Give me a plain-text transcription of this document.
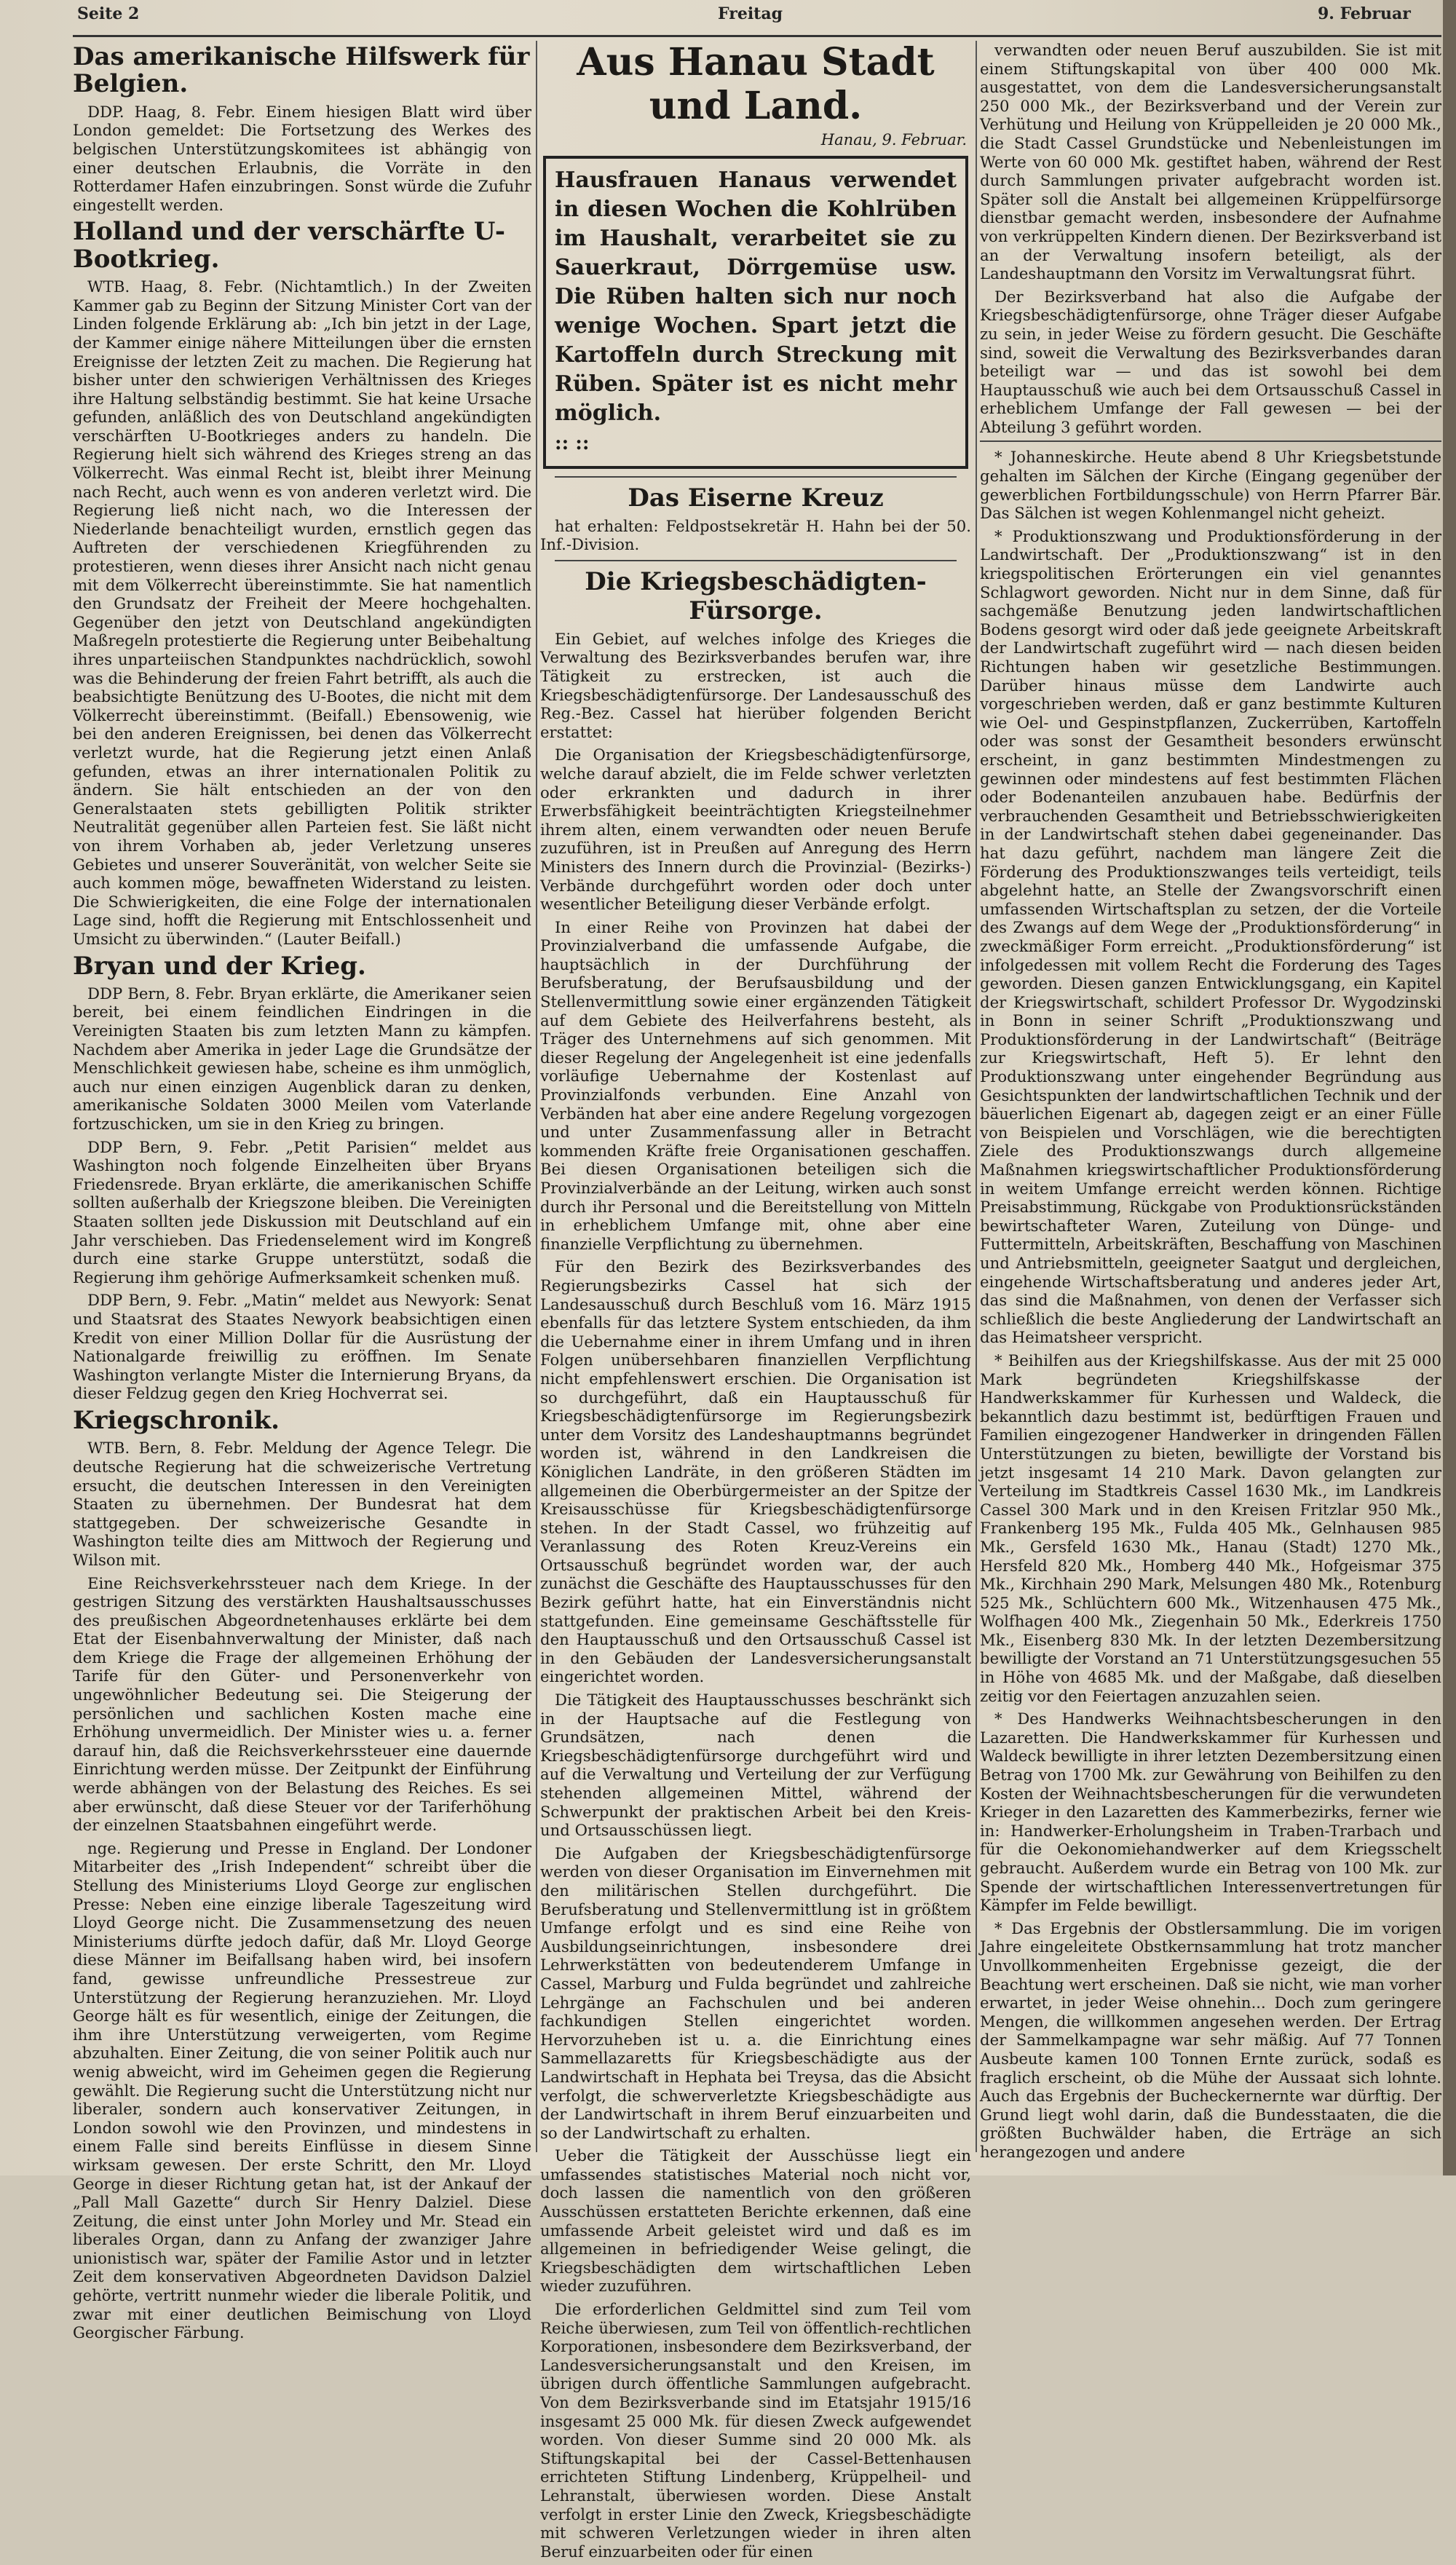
Seite 2	Freitag	9. Februar
Das amerikanische Hilfswerk für Belgien.

DDP. Haag, 8. Febr. Einem hiesigen Blatt wird über London gemeldet: Die Fortsetzung des Werkes des belgischen Unterstützungskomitees ist abhängig von einer deutschen Erlaubnis, die Vorräte in den Rotterdamer Hafen einzubringen. Sonst würde die Zufuhr eingestellt werden.

Holland und der verschärfte U-Bootkrieg.

WTB. Haag, 8. Febr. (Nichtamtlich.) In der Zweiten Kammer gab zu Beginn der Sitzung Minister Cort van der Linden folgende Erklärung ab: „Ich bin jetzt in der Lage, der Kammer einige nähere Mitteilungen über die ernsten Ereignisse der letzten Zeit zu machen. Die Regierung hat bisher unter den schwierigen Verhältnissen des Krieges ihre Haltung selbständig bestimmt. Sie hat keine Ursache gefunden, anläßlich des von Deutschland angekündigten verschärften U-Bootkrieges anders zu handeln. Die Regierung hielt sich während des Krieges streng an das Völkerrecht. Was einmal Recht ist, bleibt ihrer Meinung nach Recht, auch wenn es von anderen verletzt wird. Die Regierung ließ nicht nach, wo die Interessen der Niederlande benachteiligt wurden, ernstlich gegen das Auftreten der verschiedenen Kriegführenden zu protestieren, wenn dieses ihrer Ansicht nach nicht genau mit dem Völkerrecht übereinstimmte. Sie hat namentlich den Grundsatz der Freiheit der Meere hochgehalten. Gegenüber den jetzt von Deutschland angekündigten Maßregeln protestierte die Regierung unter Beibehaltung ihres unparteiischen Standpunktes nachdrücklich, sowohl was die Behinderung der freien Fahrt betrifft, als auch die beabsichtigte Benützung des U-Bootes, die nicht mit dem Völkerrecht übereinstimmt. (Beifall.) Ebensowenig, wie bei den anderen Ereignissen, bei denen das Völkerrecht verletzt wurde, hat die Regierung jetzt einen Anlaß gefunden, etwas an ihrer internationalen Politik zu ändern. Sie hält entschieden an der von den Generalstaaten stets gebilligten Politik strikter Neutralität gegenüber allen Parteien fest. Sie läßt nicht von ihrem Vorhaben ab, jeder Verletzung unseres Gebietes und unserer Souveränität, von welcher Seite sie auch kommen möge, bewaffneten Widerstand zu leisten. Die Schwierigkeiten, die eine Folge der internationalen Lage sind, hofft die Regierung mit Entschlossenheit und Umsicht zu überwinden.“ (Lauter Beifall.)

Bryan und der Krieg.

DDP Bern, 8. Febr. Bryan erklärte, die Amerikaner seien bereit, bei einem feindlichen Eindringen in die Vereinigten Staaten bis zum letzten Mann zu kämpfen. Nachdem aber Amerika in jeder Lage die Grundsätze der Menschlichkeit gewiesen habe, scheine es ihm unmöglich, auch nur einen einzigen Augenblick daran zu denken, amerikanische Soldaten 3000 Meilen vom Vaterlande fortzuschicken, um sie in den Krieg zu bringen.

DDP Bern, 9. Febr. „Petit Parisien“ meldet aus Washington noch folgende Einzelheiten über Bryans Friedensrede. Bryan erklärte, die amerikanischen Schiffe sollten außerhalb der Kriegszone bleiben. Die Vereinigten Staaten sollten jede Diskussion mit Deutschland auf ein Jahr verschieben. Das Friedenselement wird im Kongreß durch eine starke Gruppe unterstützt, sodaß die Regierung ihm gehörige Aufmerksamkeit schenken muß.

DDP Bern, 9. Febr. „Matin“ meldet aus Newyork: Senat und Staatsrat des Staates Newyork beabsichtigen einen Kredit von einer Million Dollar für die Ausrüstung der Nationalgarde freiwillig zu eröffnen. Im Senate Washington verlangte Mister die Internierung Bryans, da dieser Feldzug gegen den Krieg Hochverrat sei.

Kriegschronik.

WTB. Bern, 8. Febr. Meldung der Agence Telegr. Die deutsche Regierung hat die schweizerische Vertretung ersucht, die deutschen Interessen in den Vereinigten Staaten zu übernehmen. Der Bundesrat hat dem stattgegeben. Der schweizerische Gesandte in Washington teilte dies am Mittwoch der Regierung und Wilson mit.

Eine Reichsverkehrssteuer nach dem Kriege. In der gestrigen Sitzung des verstärkten Haushaltsausschusses des preußischen Abgeordnetenhauses erklärte bei dem Etat der Eisenbahnverwaltung der Minister, daß nach dem Kriege die Frage der allgemeinen Erhöhung der Tarife für den Güter- und Personenverkehr von ungewöhnlicher Bedeutung sei. Die Steigerung der persönlichen und sachlichen Kosten mache eine Erhöhung unvermeidlich. Der Minister wies u. a. ferner darauf hin, daß die Reichsverkehrssteuer eine dauernde Einrichtung werden müsse. Der Zeitpunkt der Einführung werde abhängen von der Belastung des Reiches. Es sei aber erwünscht, daß diese Steuer vor der Tariferhöhung der einzelnen Staatsbahnen eingeführt werde.

nge. Regierung und Presse in England. Der Londoner Mitarbeiter des „Irish Independent“ schreibt über die Stellung des Ministeriums Lloyd George zur englischen Presse: Neben eine einzige liberale Tageszeitung wird Lloyd George nicht. Die Zusammensetzung des neuen Ministeriums dürfte jedoch dafür, daß Mr. Lloyd George diese Männer im Beifallsang haben wird, bei insofern fand, gewisse unfreundliche Pressestreue zur Unterstützung der Regierung heranzuziehen. Mr. Lloyd George hält es für wesentlich, einige der Zeitungen, die ihm ihre Unterstützung verweigerten, vom Regime abzuhalten. Einer Zeitung, die von seiner Politik auch nur wenig abweicht, wird im Geheimen gegen die Regierung gewählt. Die Regierung sucht die Unterstützung nicht nur liberaler, sondern auch konservativer Zeitungen, in London sowohl wie den Provinzen, und mindestens in einem Falle sind bereits Einflüsse in diesem Sinne wirksam gewesen. Der erste Schritt, den Mr. Lloyd George in dieser Richtung getan hat, ist der Ankauf der „Pall Mall Gazette“ durch Sir Henry Dalziel. Diese Zeitung, die einst unter John Morley und Mr. Stead ein liberales Organ, dann zu Anfang der zwanziger Jahre unionistisch war, später der Familie Astor und in letzter Zeit dem konservativen Abgeordneten Davidson Dalziel gehörte, vertritt nunmehr wieder die liberale Politik, und zwar mit einer deutlichen Beimischung von Lloyd Georgischer Färbung.

Aus Hanau Stadt und Land.
Hanau, 9. Februar.

Hausfrauen Hanaus verwendet in diesen Wochen die Kohlrüben im Haushalt, verarbeitet sie zu Sauerkraut, Dörrgemüse usw. Die Rüben halten sich nur noch wenige Wochen. Spart jetzt die Kartoffeln durch Streckung mit Rüben. Später ist es nicht mehr möglich.

:: ::

Das Eiserne Kreuz

hat erhalten: Feldpostsekretär H. Hahn bei der 50. Inf.-Division.

Die Kriegsbeschädigten-Fürsorge.

Ein Gebiet, auf welches infolge des Krieges die Verwaltung des Bezirksverbandes berufen war, ihre Tätigkeit zu erstrecken, ist auch die Kriegsbeschädigtenfürsorge. Der Landesausschuß des Reg.-Bez. Cassel hat hierüber folgenden Bericht erstattet:

Die Organisation der Kriegsbeschädigtenfürsorge, welche darauf abzielt, die im Felde schwer verletzten oder erkrankten und dadurch in ihrer Erwerbsfähigkeit beeinträchtigten Kriegsteilnehmer ihrem alten, einem verwandten oder neuen Berufe zuzuführen, ist in Preußen auf Anregung des Herrn Ministers des Innern durch die Provinzial- (Bezirks-) Verbände durchgeführt worden oder doch unter wesentlicher Beteiligung dieser Verbände erfolgt.

In einer Reihe von Provinzen hat dabei der Provinzialverband die umfassende Aufgabe, die hauptsächlich in der Durchführung der Berufsberatung, der Berufsausbildung und der Stellenvermittlung sowie einer ergänzenden Tätigkeit auf dem Gebiete des Heilverfahrens besteht, als Träger des Unternehmens auf sich genommen. Mit dieser Regelung der Angelegenheit ist eine jedenfalls vorläufige Uebernahme der Kostenlast auf Provinzialfonds verbunden. Eine Anzahl von Verbänden hat aber eine andere Regelung vorgezogen und unter Zusammenfassung aller in Betracht kommenden Kräfte freie Organisationen geschaffen. Bei diesen Organisationen beteiligen sich die Provinzialverbände an der Leitung, wirken auch sonst durch ihr Personal und die Bereitstellung von Mitteln in erheblichem Umfange mit, ohne aber eine finanzielle Verpflichtung zu übernehmen.

Für den Bezirk des Bezirksverbandes des Regierungsbezirks Cassel hat sich der Landesausschuß durch Beschluß vom 16. März 1915 ebenfalls für das letztere System entschieden, da ihm die Uebernahme einer in ihrem Umfang und in ihren Folgen unübersehbaren finanziellen Verpflichtung nicht empfehlenswert erschien. Die Organisation ist so durchgeführt, daß ein Hauptausschuß für Kriegsbeschädigtenfürsorge im Regierungsbezirk unter dem Vorsitz des Landeshauptmanns begründet worden ist, während in den Landkreisen die Königlichen Landräte, in den größeren Städten im allgemeinen die Oberbürgermeister an der Spitze der Kreisausschüsse für Kriegsbeschädigtenfürsorge stehen. In der Stadt Cassel, wo frühzeitig auf Veranlassung des Roten Kreuz-Vereins ein Ortsausschuß begründet worden war, der auch zunächst die Geschäfte des Hauptausschusses für den Bezirk geführt hatte, hat ein Einverständnis nicht stattgefunden. Eine gemeinsame Geschäftsstelle für den Hauptausschuß und den Ortsausschuß Cassel ist in den Gebäuden der Landesversicherungsanstalt eingerichtet worden.

Die Tätigkeit des Hauptausschusses beschränkt sich in der Hauptsache auf die Festlegung von Grundsätzen, nach denen die Kriegsbeschädigtenfürsorge durchgeführt wird und auf die Verwaltung und Verteilung der zur Verfügung stehenden allgemeinen Mittel, während der Schwerpunkt der praktischen Arbeit bei den Kreis- und Ortsausschüssen liegt.

Die Aufgaben der Kriegsbeschädigtenfürsorge werden von dieser Organisation im Einvernehmen mit den militärischen Stellen durchgeführt. Die Berufsberatung und Stellenvermittlung ist in größtem Umfange erfolgt und es sind eine Reihe von Ausbildungseinrichtungen, insbesondere drei Lehrwerkstätten von bedeutenderem Umfange in Cassel, Marburg und Fulda begründet und zahlreiche Lehrgänge an Fachschulen und bei anderen fachkundigen Stellen eingerichtet worden. Hervorzuheben ist u. a. die Einrichtung eines Sammellazaretts für Kriegsbeschädigte aus der Landwirtschaft in Hephata bei Treysa, das die Absicht verfolgt, die schwerverletzte Kriegsbeschädigte aus der Landwirtschaft in ihrem Beruf einzuarbeiten und so der Landwirtschaft zu erhalten.

Ueber die Tätigkeit der Ausschüsse liegt ein umfassendes statistisches Material noch nicht vor, doch lassen die namentlich von den größeren Ausschüssen erstatteten Berichte erkennen, daß eine umfassende Arbeit geleistet wird und daß es im allgemeinen in befriedigender Weise gelingt, die Kriegsbeschädigten dem wirtschaftlichen Leben wieder zuzuführen.

Die erforderlichen Geldmittel sind zum Teil vom Reiche überwiesen, zum Teil von öffentlich-rechtlichen Korporationen, insbesondere dem Bezirksverband, der Landesversicherungsanstalt und den Kreisen, im übrigen durch öffentliche Sammlungen aufgebracht. Von dem Bezirksverbande sind im Etatsjahr 1915/16 insgesamt 25 000 Mk. für diesen Zweck aufgewendet worden. Von dieser Summe sind 20 000 Mk. als Stiftungskapital bei der Cassel-Bettenhausen errichteten Stiftung Lindenberg, Krüppelheil- und Lehranstalt, überwiesen worden. Diese Anstalt verfolgt in erster Linie den Zweck, Kriegsbeschädigte mit schweren Verletzungen wieder in ihren alten Beruf einzuarbeiten oder für einen

verwandten oder neuen Beruf auszubilden. Sie ist mit einem Stiftungskapital von über 400 000 Mk. ausgestattet, von dem die Landesversicherungsanstalt 250 000 Mk., der Bezirksverband und der Verein zur Verhütung und Heilung von Krüppelleiden je 20 000 Mk., die Stadt Cassel Grundstücke und Nebenleistungen im Werte von 60 000 Mk. gestiftet haben, während der Rest durch Sammlungen privater aufgebracht worden ist. Später soll die Anstalt bei allgemeinen Krüppelfürsorge dienstbar gemacht werden, insbesondere der Aufnahme von verkrüppelten Kindern dienen. Der Bezirksverband ist an der Verwaltung insofern beteiligt, als der Landeshauptmann den Vorsitz im Verwaltungsrat führt.

Der Bezirksverband hat also die Aufgabe der Kriegsbeschädigtenfürsorge, ohne Träger dieser Aufgabe zu sein, in jeder Weise zu fördern gesucht. Die Geschäfte sind, soweit die Verwaltung des Bezirksverbandes daran beteiligt war — und das ist sowohl bei dem Hauptausschuß wie auch bei dem Ortsausschuß Cassel in erheblichem Umfange der Fall gewesen — bei der Abteilung 3 geführt worden.

* Johanneskirche. Heute abend 8 Uhr Kriegsbetstunde gehalten im Sälchen der Kirche (Eingang gegenüber der gewerblichen Fortbildungsschule) von Herrn Pfarrer Bär. Das Sälchen ist wegen Kohlenmangel nicht geheizt.

* Produktionszwang und Produktionsförderung in der Landwirtschaft. Der „Produktionszwang“ ist in den kriegspolitischen Erörterungen ein viel genanntes Schlagwort geworden. Nicht nur in dem Sinne, daß für sachgemäße Benutzung jeden landwirtschaftlichen Bodens gesorgt wird oder daß jede geeignete Arbeitskraft der Landwirtschaft zugeführt wird — nach diesen beiden Richtungen haben wir gesetzliche Bestimmungen. Darüber hinaus müsse dem Landwirte auch vorgeschrieben werden, daß er ganz bestimmte Kulturen wie Oel- und Gespinstpflanzen, Zuckerrüben, Kartoffeln oder was sonst der Gesamtheit besonders erwünscht erscheint, in ganz bestimmten Mindestmengen zu gewinnen oder mindestens auf fest bestimmten Flächen oder Bodenanteilen anzubauen habe. Bedürfnis der verbrauchenden Gesamtheit und Betriebsschwierigkeiten in der Landwirtschaft stehen dabei gegeneinander. Das hat dazu geführt, nachdem man längere Zeit die Förderung des Produktionszwanges teils verteidigt, teils abgelehnt hatte, an Stelle der Zwangsvorschrift einen umfassenden Wirtschaftsplan zu setzen, der die Vorteile des Zwangs auf dem Wege der „Produktionsförderung“ in zweckmäßiger Form erreicht. „Produktionsförderung“ ist infolgedessen mit vollem Recht die Forderung des Tages geworden. Diesen ganzen Entwicklungsgang, ein Kapitel der Kriegswirtschaft, schildert Professor Dr. Wygodzinski in Bonn in seiner Schrift „Produktionszwang und Produktionsförderung in der Landwirtschaft“ (Beiträge zur Kriegswirtschaft, Heft 5). Er lehnt den Produktionszwang unter eingehender Begründung aus Gesichtspunkten der landwirtschaftlichen Technik und der bäuerlichen Eigenart ab, dagegen zeigt er an einer Fülle von Beispielen und Vorschlägen, wie die berechtigten Ziele des Produktionszwangs durch allgemeine Maßnahmen kriegswirtschaftlicher Produktionsförderung in weitem Umfange erreicht werden können. Richtige Preisabstimmung, Rückgabe von Produktionsrückständen bewirtschafteter Waren, Zuteilung von Dünge- und Futtermitteln, Arbeitskräften, Beschaffung von Maschinen und Antriebsmitteln, geeigneter Saatgut und dergleichen, eingehende Wirtschaftsberatung und anderes jeder Art, das sind die Maßnahmen, von denen der Verfasser sich schließlich die beste Angliederung der Landwirtschaft an das Heimatsheer verspricht.

* Beihilfen aus der Kriegshilfskasse. Aus der mit 25 000 Mark begründeten Kriegshilfskasse der Handwerkskammer für Kurhessen und Waldeck, die bekanntlich dazu bestimmt ist, bedürftigen Frauen und Familien eingezogener Handwerker in dringenden Fällen Unterstützungen zu bieten, bewilligte der Vorstand bis jetzt insgesamt 14 210 Mark. Davon gelangten zur Verteilung im Stadtkreis Cassel 1630 Mk., im Landkreis Cassel 300 Mark und in den Kreisen Fritzlar 950 Mk., Frankenberg 195 Mk., Fulda 405 Mk., Gelnhausen 985 Mk., Gersfeld 1630 Mk., Hanau (Stadt) 1270 Mk., Hersfeld 820 Mk., Homberg 440 Mk., Hofgeismar 375 Mk., Kirchhain 290 Mark, Melsungen 480 Mk., Rotenburg 525 Mk., Schlüchtern 600 Mk., Witzenhausen 475 Mk., Wolfhagen 400 Mk., Ziegenhain 50 Mk., Ederkreis 1750 Mk., Eisenberg 830 Mk. In der letzten Dezembersitzung bewilligte der Vorstand an 71 Unterstützungsgesuchen 55 in Höhe von 4685 Mk. und der Maßgabe, daß dieselben zeitig vor den Feiertagen anzuzahlen seien.

* Des Handwerks Weihnachtsbescherungen in den Lazaretten. Die Handwerkskammer für Kurhessen und Waldeck bewilligte in ihrer letzten Dezembersitzung einen Betrag von 1700 Mk. zur Gewährung von Beihilfen zu den Kosten der Weihnachtsbescherungen für die verwundeten Krieger in den Lazaretten des Kammerbezirks, ferner wie in: Handwerker-Erholungsheim in Traben-Trarbach und für die Oekonomiehandwerker auf dem Kriegsschelt gebraucht. Außerdem wurde ein Betrag von 100 Mk. zur Spende der wirtschaftlichen Interessenvertretungen für Kämpfer im Felde bewilligt.

* Das Ergebnis der Obstlersammlung. Die im vorigen Jahre eingeleitete Obstkernsammlung hat trotz mancher Unvollkommenheiten Ergebnisse gezeigt, die der Beachtung wert erscheinen. Daß sie nicht, wie man vorher erwartet, in jeder Weise ohnehin... Doch zum geringere Mengen, die willkommen angesehen werden. Der Ertrag der Sammelkampagne war sehr mäßig. Auf 77 Tonnen Ausbeute kamen 100 Tonnen Ernte zurück, sodaß es fraglich erscheint, ob die Mühe der Aussaat sich lohnte. Auch das Ergebnis der Bucheckernernte war dürftig. Der Grund liegt wohl darin, daß die Bundesstaaten, die die größten Buchwälder haben, die Erträge an sich herangezogen und andere
